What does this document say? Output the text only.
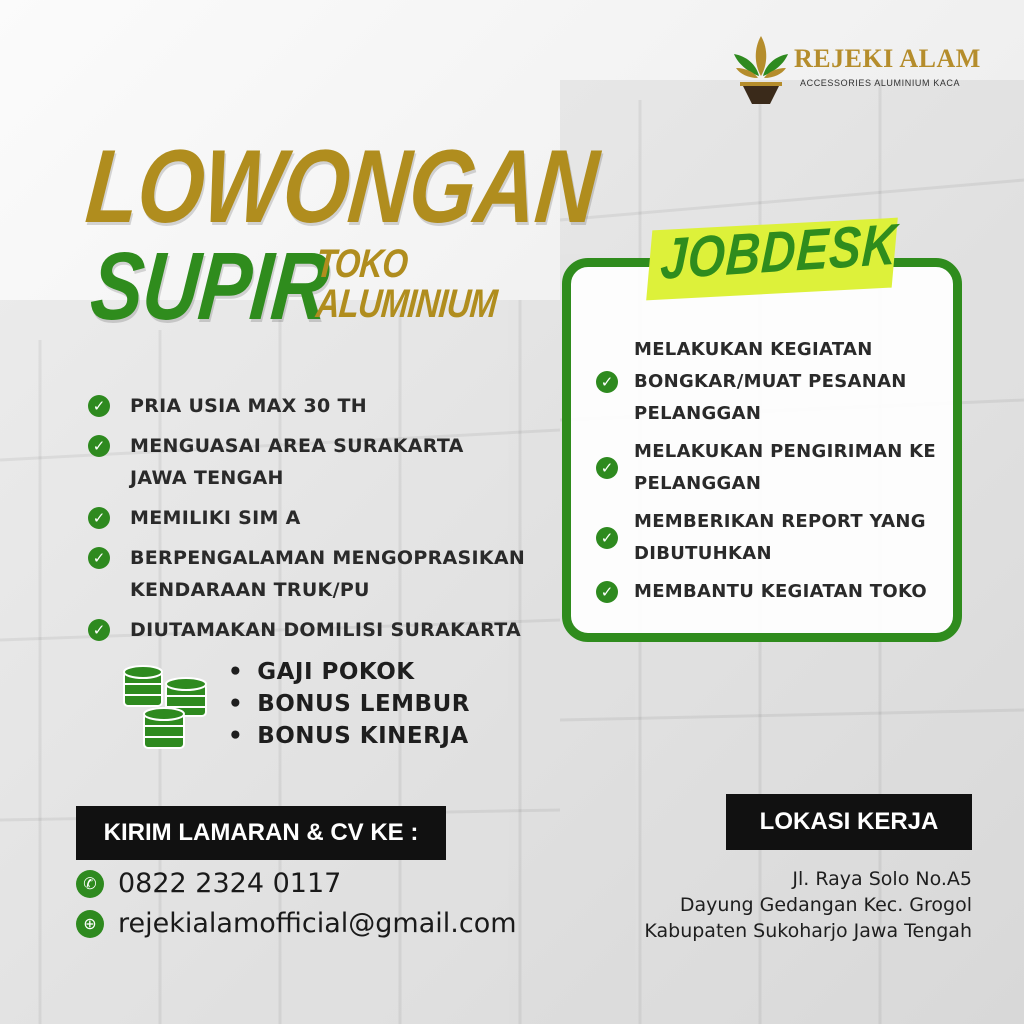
REJEKI ALAM
ACCESSORIES ALUMINIUM KACA
LOWONGAN
SUPIR
TOKO
ALUMINIUM
✓ PRIA USIA MAX 30 TH
✓ MENGUASAI AREA SURAKARTA JAWA TENGAH
✓ MEMILIKI SIM A
✓ BERPENGALAMAN MENGOPRASIKAN KENDARAAN TRUK/PU
✓ DIUTAMAKAN DOMILISI SURAKARTA
JOBDESK
✓
MELAKUKAN KEGIATAN BONGKAR/MUAT PESANAN PELANGGAN
✓
MELAKUKAN PENGIRIMAN KE PELANGGAN
✓
MEMBERIKAN REPORT YANG DIBUTUHKAN
✓ MEMBANTU KEGIATAN TOKO
• GAJI POKOK
• BONUS LEMBUR
• BONUS KINERJA
KIRIM LAMARAN & CV KE :
✆ 0822 2324 0117
⊕ rejekialamofficial@gmail.com
LOKASI KERJA
Jl. Raya Solo No.A5
Dayung Gedangan Kec. Grogol
Kabupaten Sukoharjo Jawa Tengah
